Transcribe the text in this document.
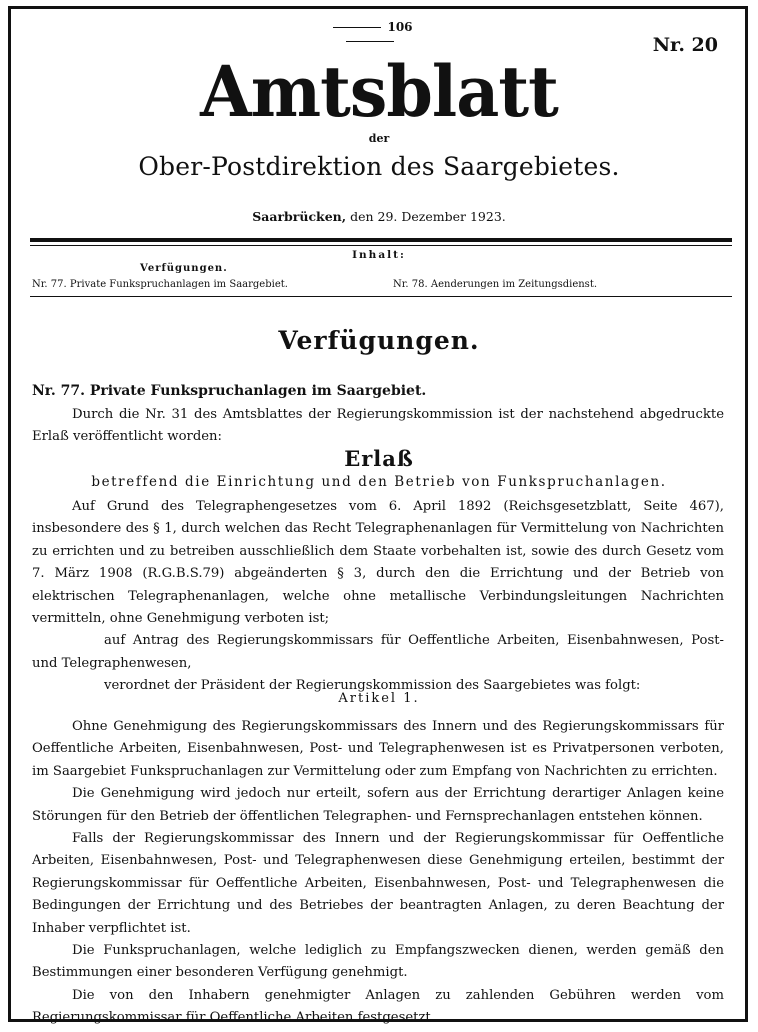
106
Nr. 20
Amtsblatt
der
Ober-Postdirektion des Saargebietes.
Saarbrücken, den 29. Dezember 1923.
Inhalt:
Verfügungen.
Nr. 77. Private Funkspruchanlagen im Saargebiet.	Nr. 78. Aenderungen im Zeitungsdienst.
Verfügungen.
Nr. 77. Private Funkspruchanlagen im Saargebiet.

Durch die Nr. 31 des Amtsblattes der Regierungskommission ist der nachstehend abgedruckte Erlaß veröffentlicht worden:

Erlaß
betreffend die Einrichtung und den Betrieb von Funkspruchanlagen.

Auf Grund des Telegraphengesetzes vom 6. April 1892 (Reichsgesetzblatt, Seite 467), insbesondere des § 1, durch welchen das Recht Telegraphenanlagen für Vermittelung von Nachrichten zu errichten und zu betreiben ausschließlich dem Staate vorbehalten ist, sowie des durch Gesetz vom 7. März 1908 (R.G.B.S.79) abgeänderten § 3, durch den die Errichtung und der Betrieb von elektrischen Telegraphenanlagen, welche ohne metallische Verbindungsleitungen Nachrichten vermitteln, ohne Genehmigung verboten ist;

auf Antrag des Regierungskommissars für Oeffentliche Arbeiten, Eisenbahnwesen, Post- und Telegraphenwesen,

verordnet der Präsident der Regierungskommission des Saargebietes was folgt:

Artikel 1.

Ohne Genehmigung des Regierungskommissars des Innern und des Regierungskommissars für Oeffentliche Arbeiten, Eisenbahnwesen, Post- und Telegraphenwesen ist es Privatpersonen verboten, im Saargebiet Funkspruchanlagen zur Vermittelung oder zum Empfang von Nachrichten zu errichten.

Die Genehmigung wird jedoch nur erteilt, sofern aus der Errichtung derartiger Anlagen keine Störungen für den Betrieb der öffentlichen Telegraphen- und Fernsprechanlagen entstehen können.

Falls der Regierungskommissar des Innern und der Regierungskommissar für Oeffentliche Arbeiten, Eisenbahnwesen, Post- und Telegraphenwesen diese Genehmigung erteilen, bestimmt der Regierungskommissar für Oeffentliche Arbeiten, Eisenbahnwesen, Post- und Telegraphenwesen die Bedingungen der Errichtung und des Betriebes der beantragten Anlagen, zu deren Beachtung der Inhaber verpflichtet ist.

Die Funkspruchanlagen, welche lediglich zu Empfangszwecken dienen, werden gemäß den Bestimmungen einer besonderen Verfügung genehmigt.

Die von den Inhabern genehmigter Anlagen zu zahlenden Gebühren werden vom Regierungskommissar für Oeffentliche Arbeiten festgesetzt.
